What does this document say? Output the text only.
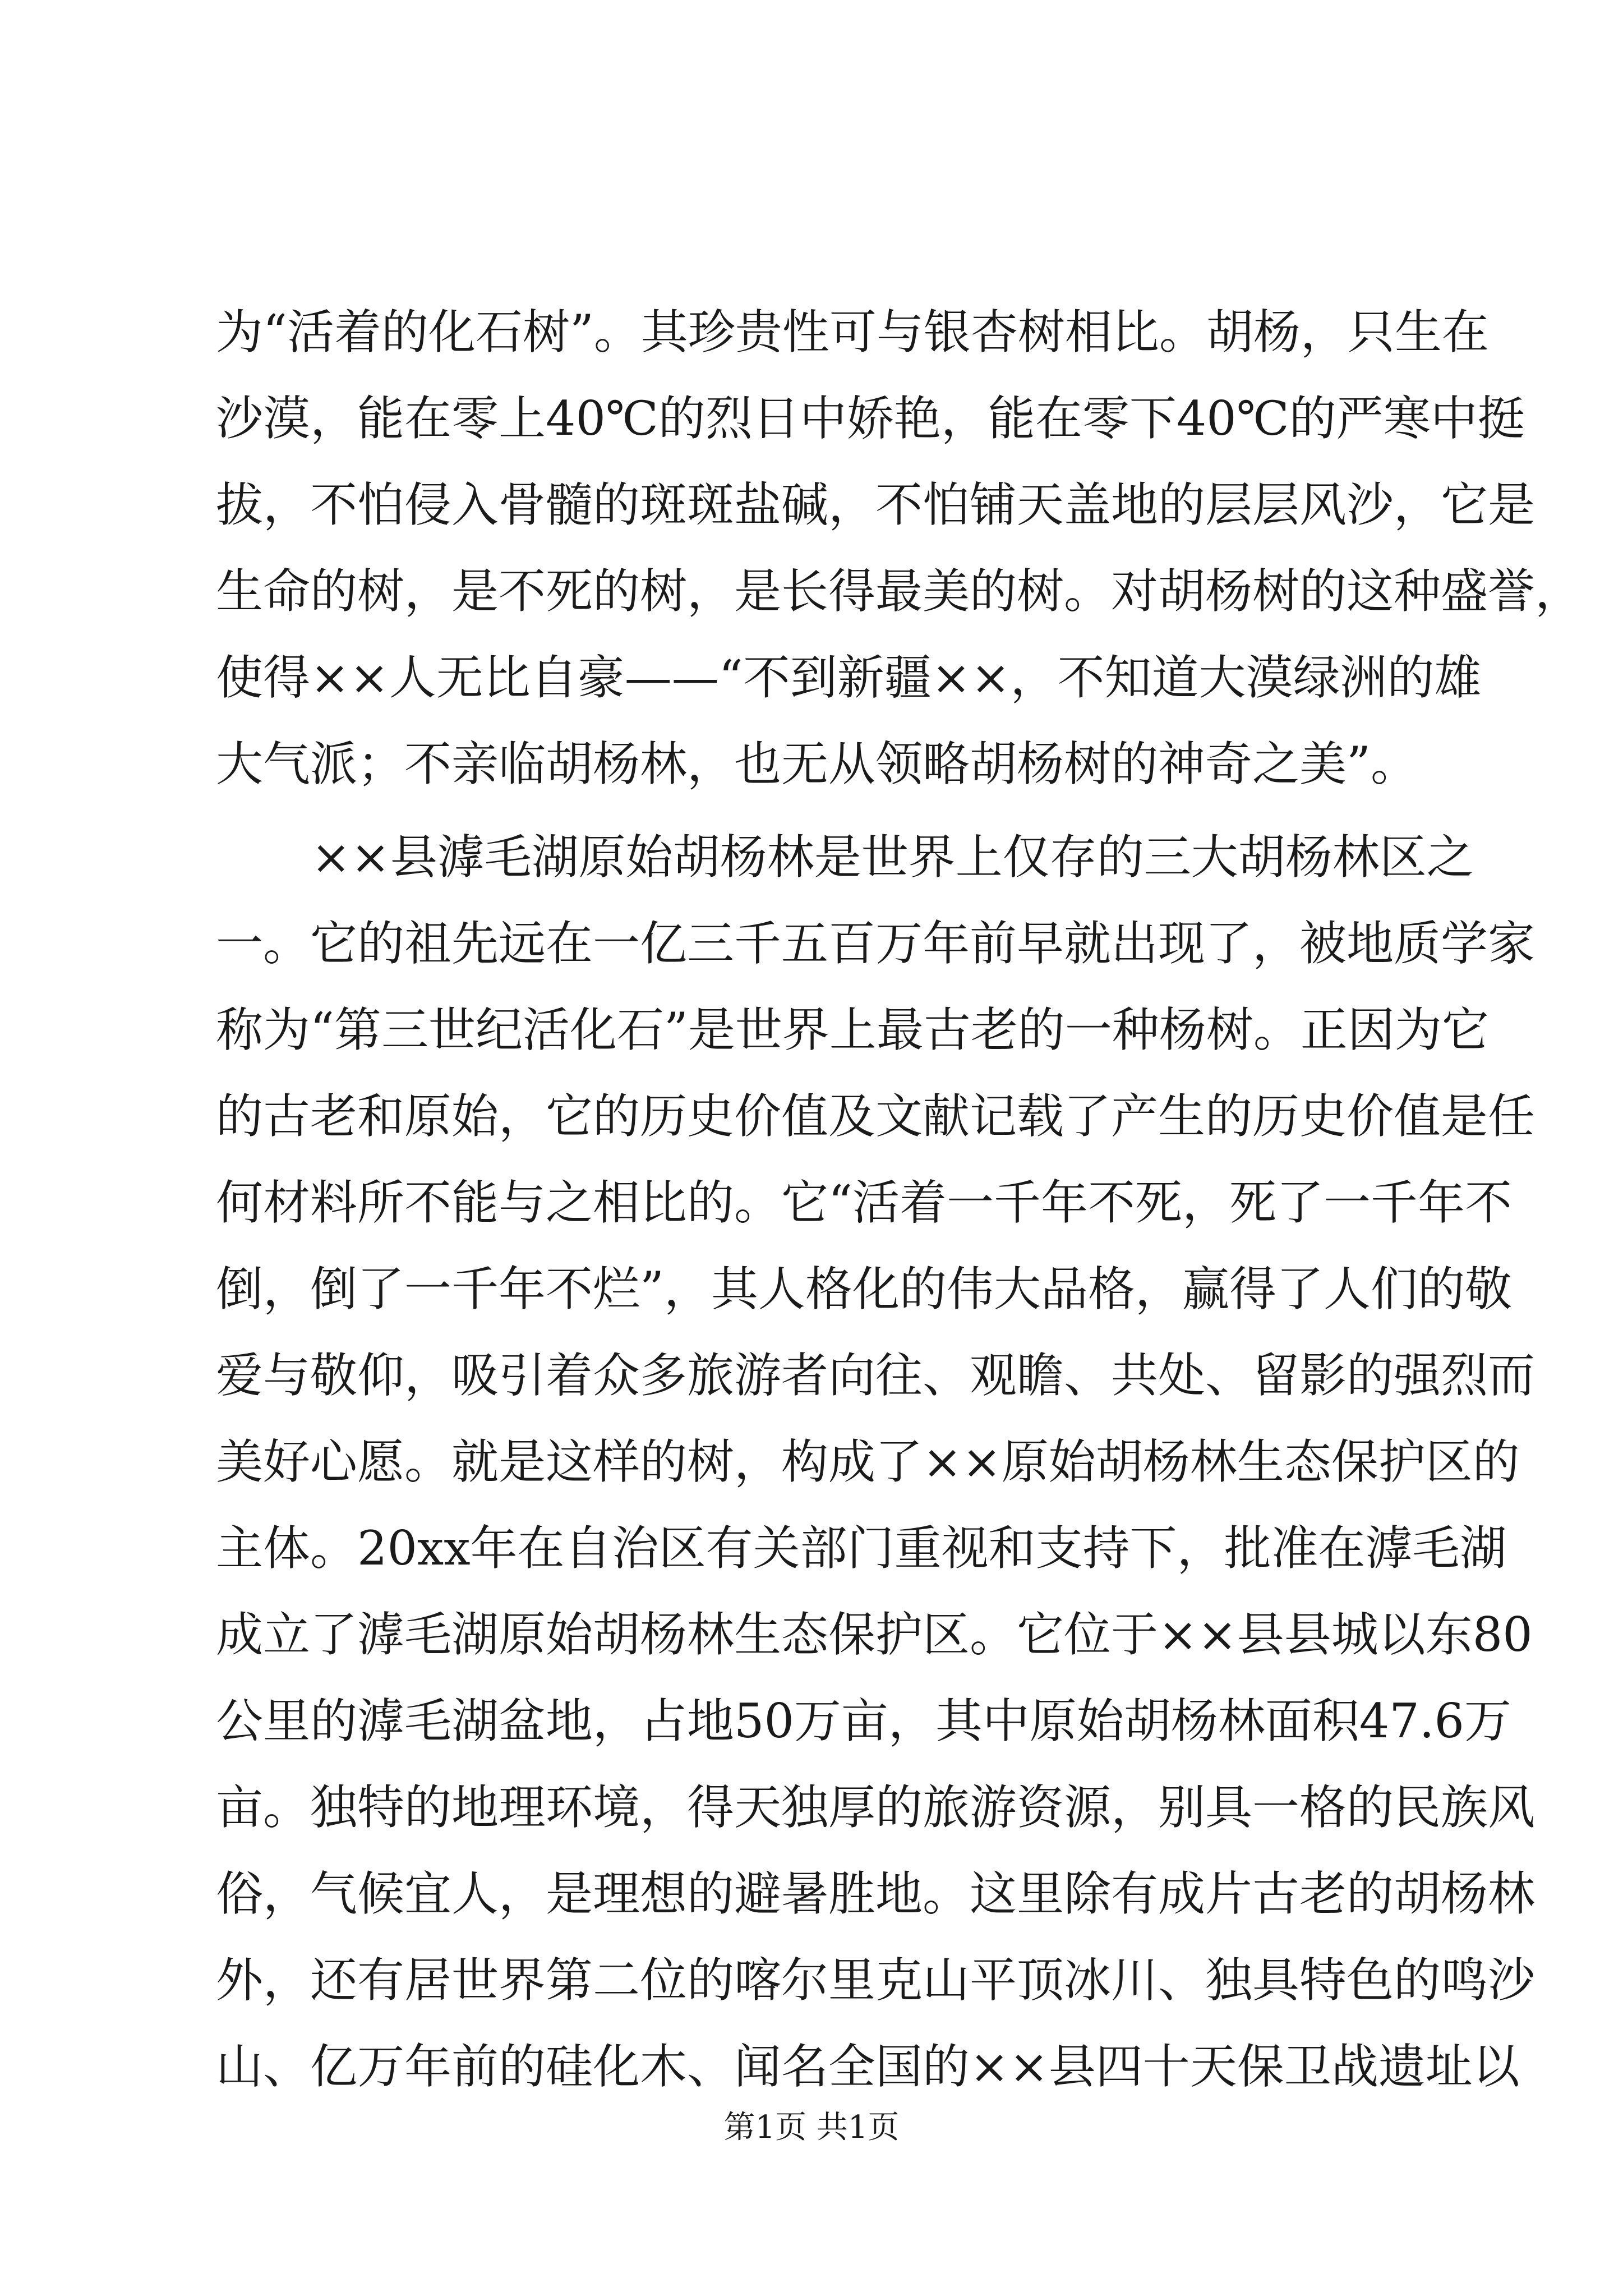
为“活着的化石树”。其珍贵性可与银杏树相比。胡杨，只生在
沙漠，能在零上40℃的烈日中娇艳，能在零下40℃的严寒中挺
拔，不怕侵入骨髓的斑斑盐碱，不怕铺天盖地的层层风沙，它是
生命的树，是不死的树，是长得最美的树。对胡杨树的这种盛誉，
使得××人无比自豪——“不到新疆××，不知道大漠绿洲的雄
大气派；不亲临胡杨林，也无从领略胡杨树的神奇之美”。
××县滹毛湖原始胡杨林是世界上仅存的三大胡杨林区之
一。它的祖先远在一亿三千五百万年前早就出现了，被地质学家
称为“第三世纪活化石”是世界上最古老的一种杨树。正因为它
的古老和原始，它的历史价值及文献记载了产生的历史价值是任
何材料所不能与之相比的。它“活着一千年不死，死了一千年不
倒，倒了一千年不烂”，其人格化的伟大品格，赢得了人们的敬
爱与敬仰，吸引着众多旅游者向往、观瞻、共处、留影的强烈而
美好心愿。就是这样的树，构成了××原始胡杨林生态保护区的
主体。20xx年在自治区有关部门重视和支持下，批准在滹毛湖
成立了滹毛湖原始胡杨林生态保护区。它位于××县县城以东80
公里的滹毛湖盆地，占地50万亩，其中原始胡杨林面积47.6万
亩。独特的地理环境，得天独厚的旅游资源，别具一格的民族风
俗，气候宜人，是理想的避暑胜地。这里除有成片古老的胡杨林
外，还有居世界第二位的喀尔里克山平顶冰川、独具特色的鸣沙
山、亿万年前的硅化木、闻名全国的××县四十天保卫战遗址以
第1页 共1页
